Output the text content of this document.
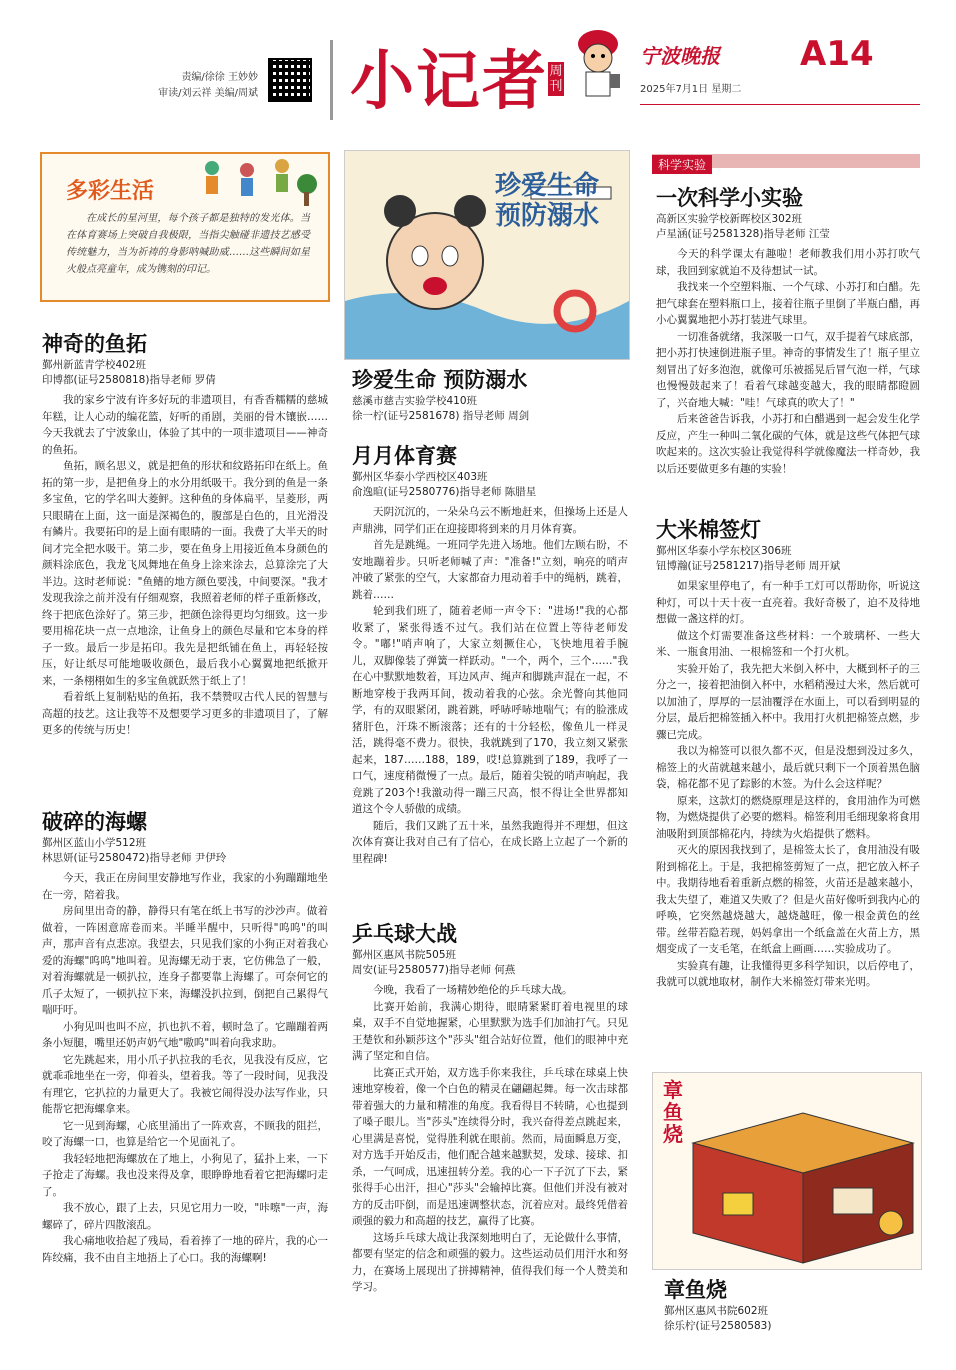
责编/徐徐 王妙妙
审读/刘云祥 美编/周斌 小记者 周刊
宁波晚报
2025年7月1日 星期二
A14
多彩生活
在成长的星河里，每个孩子都是独特的发光体。当在体育赛场上突破自我极限，当指尖触碰非遗技艺感受传统魅力，当为祈祷的身影呐喊助威……这些瞬间如星火般点亮童年，成为镌刻的印记。
神奇的鱼拓
鄞州新蓝青学校402班
印博都(证号2580818)指导老师 罗倩

我的家乡宁波有许多好玩的非遗项目，有香香糯糯的慈城年糕，让人心动的编花篮，好听的甬剧，美丽的骨木镶嵌……今天我就去了宁波象山，体验了其中的一项非遗项目——神奇的鱼拓。

鱼拓，顾名思义，就是把鱼的形状和纹路拓印在纸上。鱼拓的第一步，是把鱼身上的水分用纸吸干。我分到的鱼是一条多宝鱼，它的学名叫大菱鲆。这种鱼的身体扁平，呈菱形，两只眼睛在上面，这一面是深褐色的，腹部是白色的，且光滑没有鳞片。我要拓印的是上面有眼睛的一面。我费了大半天的时间才完全把水吸干。第二步，要在鱼身上用接近鱼本身颜色的颜料涂底色，我龙飞凤舞地在鱼身上涂来涂去，总算涂完了大半边。这时老师说："鱼鳍的地方颜色要浅，中间要深。"我才发现我涂之前并没有仔细观察，我照着老师的样子重新修改，终于把底色涂好了。第三步，把颜色涂得更均匀细致。这一步要用棉花块一点一点地涂，让鱼身上的颜色尽量和它本身的样子一致。最后一步是拓印。我先是把纸铺在鱼上，再轻轻按压，好让纸尽可能地吸收颜色，最后我小心翼翼地把纸掀开来，一条栩栩如生的多宝鱼就跃然于纸上了！

看着纸上复制粘贴的鱼拓，我不禁赞叹古代人民的智慧与高超的技艺。这让我等不及想要学习更多的非遗项目了，了解更多的传统与历史！

破碎的海螺
鄞州区蓝山小学512班
林思妍(证号2580472)指导老师 尹伊玲

今天，我正在房间里安静地写作业，我家的小狗蹦蹦地坐在一旁，陪着我。

房间里出奇的静，静得只有笔在纸上书写的沙沙声。做着做着，一阵困意席卷而来。半睡半醒中，只听得"呜呜"的叫声，那声音有点悲凉。我望去，只见我们家的小狗正对着我心爱的海螺"呜呜"地叫着。见海螺无动于衷，它仿佛急了一般，对着海螺就是一顿扒拉，连身子都要靠上海螺了。可奈何它的爪子太短了，一顿扒拉下来，海螺没扒拉到，倒把自己累得气喘吁吁。

小狗见叫也叫不应，扒也扒不着，顿时急了。它蹦蹦着两条小短腿，嘴里还奶声奶气地"嗷呜"叫着向我求助。

它先跳起来，用小爪子扒拉我的毛衣，见我没有反应，它就乖乖地坐在一旁，仰着头，望着我。等了一段时间，见我没有理它，它扒拉的力量更大了。我被它闹得没办法写作业，只能帮它把海螺拿来。

它一见到海螺，心底里涌出了一阵欢喜，不顾我的阻拦，咬了海螺一口，也算是给它一个见面礼了。

我轻轻地把海螺放在了地上，小狗见了，猛扑上来，一下子抢走了海螺。我也没来得及拿，眼睁睁地看着它把海螺叼走了。

我不放心，跟了上去，只见它用力一咬，"咔嚓"一声，海螺碎了，碎片四散滚乱。

我心痛地收拾起了残局，看着捧了一地的碎片，我的心一阵绞痛，我不由自主地捂上了心口。我的海螺啊!

珍爱生命
预防溺水
珍爱生命 预防溺水
慈溪市慈吉实验学校410班
徐一柠(证号2581678) 指导老师 周剑
月月体育赛
鄞州区华泰小学西校区403班
俞逸暄(证号2580776)指导老师 陈腊星

天阴沉沉的，一朵朵乌云不断地赶来，但操场上还是人声鼎沸，同学们正在迎接即将到来的月月体育赛。

首先是跳绳。一班同学先进入场地。他们左顾右盼，不安地蹦着步。只听老师喊了声："准备!"立刻，响亮的哨声冲破了紧张的空气，大家都奋力甩动着手中的绳柄，跳着，跳着……

轮到我们班了，随着老师一声令下："进场!"我的心都收紧了，紧张得透不过气。我们站在位置上等待老师发令。"嘟!"哨声响了，大家立刻撅住心，飞快地甩着手腕儿，双脚像装了弹簧一样跃动。"一个，两个，三个……"我在心中默默地数着，耳边风声、绳声和脚跳声混在一起，不断地穿梭于我两耳间，拨动着我的心弦。余光瞥向其他同学，有的双眼紧闭，跳着跳，呼哧呼哧地喘气；有的脸涨成猪肝色，汗珠不断滚落；还有的十分轻松，像鱼儿一样灵活，跳得毫不费力。很快，我就跳到了170，我立刻又紧张起来，187……188，189，哎!总算跳到了189，我呼了一口气，速度稍微慢了一点。最后，随着尖锐的哨声响起，我竟跳了203个!我激动得一蹦三尺高，恨不得让全世界都知道这个令人骄傲的成绩。

随后，我们又跳了五十米，虽然我跑得并不理想，但这次体育赛让我对自己有了信心，在成长路上立起了一个新的里程碑!

乒乓球大战
鄞州区惠风书院505班
周安(证号2580577)指导老师 何燕

今晚，我看了一场精妙绝伦的乒乓球大战。

比赛开始前，我满心期待，眼睛紧紧盯着电视里的球桌，双手不自觉地握紧，心里默默为选手们加油打气。只见王楚钦和孙颖莎这个"莎头"组合站好位置，他们的眼神中充满了坚定和自信。

比赛正式开始，双方选手你来我往，乒乓球在球桌上快速地穿梭着，像一个白色的精灵在翩翩起舞。每一次击球都带着强大的力量和精准的角度。我看得目不转睛，心也提到了嗓子眼儿。当"莎头"连续得分时，我兴奋得差点跳起来，心里满是喜悦，觉得胜利就在眼前。然而，局面瞬息万变，对方选手开始反击，他们配合越来越默契，发球、接球、扣杀，一气呵成，迅速扭转分差。我的心一下子沉了下去，紧张得手心出汗，担心"莎头"会输掉比赛。但他们并没有被对方的反击吓倒，而是迅速调整状态，沉着应对。最终凭借着顽强的毅力和高超的技艺，赢得了比赛。

这场乒乓球大战让我深刻地明白了，无论做什么事情，都要有坚定的信念和顽强的毅力。这些运动员们用汗水和努力，在赛场上展现出了拼搏精神，值得我们每一个人赞美和学习。

科学实验
一次科学小实验
高新区实验学校新晖校区302班
卢星涵(证号2581328)指导老师 江莹

今天的科学课太有趣啦！老师教我们用小苏打吹气球，我回到家就迫不及待想试一试。

我找来一个空塑料瓶、一个气球、小苏打和白醋。先把气球套在塑料瓶口上，接着往瓶子里倒了半瓶白醋，再小心翼翼地把小苏打装进气球里。

一切准备就绪，我深吸一口气，双手提着气球底部，把小苏打快速倒进瓶子里。神奇的事情发生了！瓶子里立刻冒出了好多泡泡，就像可乐被摇晃后冒气泡一样，气球也慢慢鼓起来了！看着气球越变越大，我的眼睛都瞪圆了，兴奋地大喊："哇！气球真的吹大了！"

后来爸爸告诉我，小苏打和白醋遇到一起会发生化学反应，产生一种叫二氧化碳的气体，就是这些气体把气球吹起来的。这次实验让我觉得科学就像魔法一样奇妙，我以后还要做更多有趣的实验！

大米棉签灯
鄞州区华泰小学东校区306班
钮博瀚(证号2581217)指导老师 周开斌

如果家里停电了，有一种手工灯可以帮助你，听说这种灯，可以十天十夜一直亮着。我好奇极了，迫不及待地想做一盏这样的灯。

做这个灯需要准备这些材料：一个玻璃杯、一些大米、一瓶食用油、一根棉签和一个打火机。

实验开始了，我先把大米倒入杯中，大概到杯子的三分之一，接着把油倒入杯中，水稻稍漫过大米，然后就可以加油了，厚厚的一层油覆浮在水面上，可以看到明显的分层，最后把棉签插入杯中。我用打火机把棉签点燃，步骤已完成。

我以为棉签可以很久都不灭，但是没想到没过多久，棉签上的火苗就越来越小，最后就只剩下一个顶着黑色脑袋，棉花都不见了踪影的木签。为什么会这样呢？

原来，这款灯的燃烧原理是这样的，食用油作为可燃物，为燃烧提供了必要的燃料。棉签利用毛细现象将食用油吸附到顶部棉花内，持续为火焰提供了燃料。

灭火的原因我找到了，是棉签太长了，食用油没有吸附到棉花上。于是，我把棉签剪短了一点，把它放入杯子中。我期待地看着重新点燃的棉签，火苗还是越来越小，我太失望了，难道又失败了？但是火苗好像听到我内心的呼唤，它突然越烧越大，越烧越旺，像一根金黄色的丝带。丝带若隐若现，妈妈拿出一个纸盒盖在火苗上方，黑烟变成了一支毛笔，在纸盒上画画……实验成功了。

实验真有趣，让我懂得更多科学知识，以后停电了，我就可以就地取材，制作大米棉签灯带来光明。

章鱼烧
章鱼烧
鄞州区惠风书院602班
徐乐柠(证号2580583)
